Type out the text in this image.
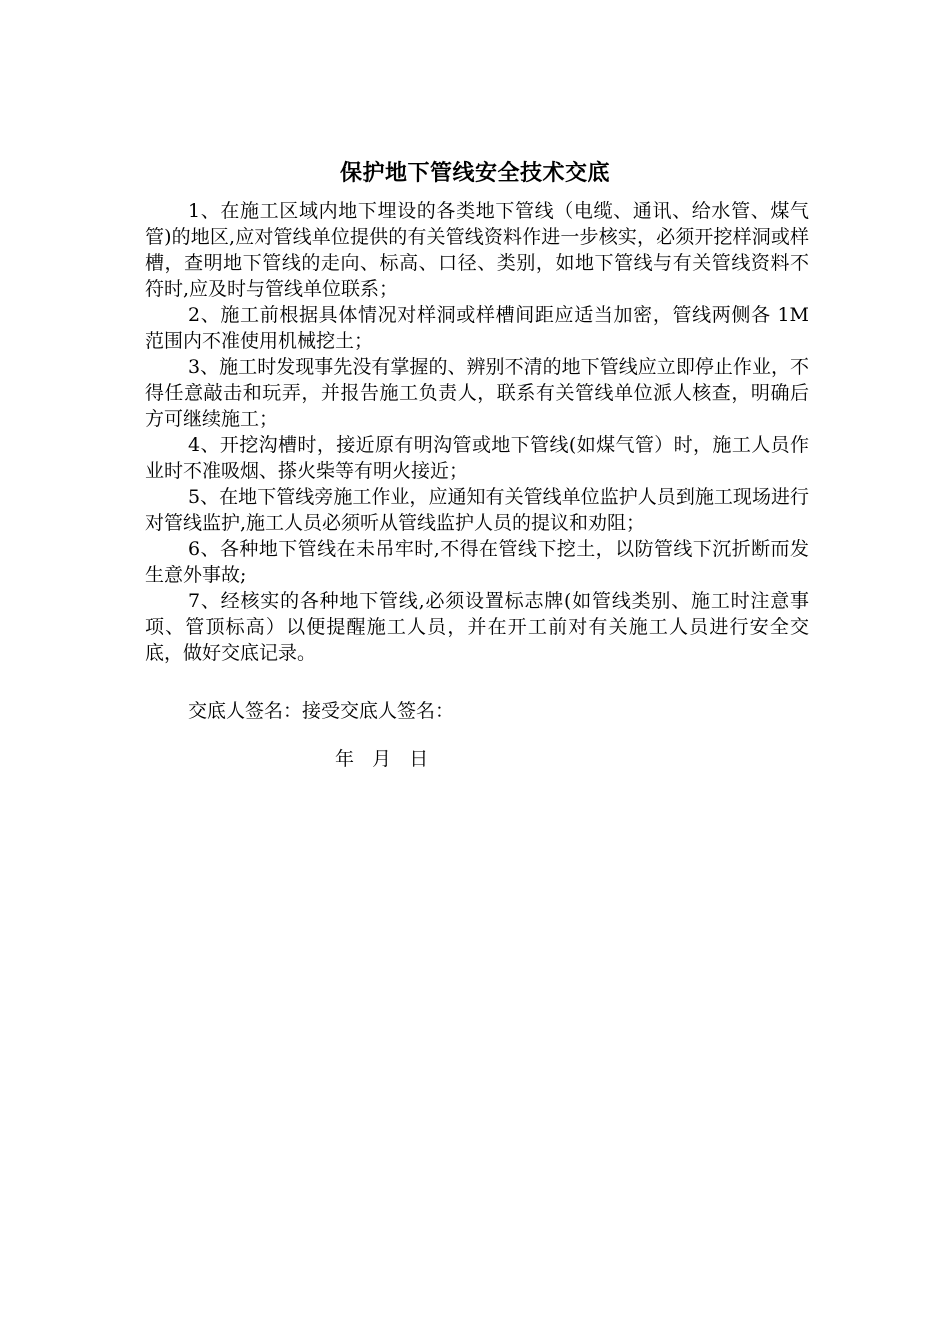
保护地下管线安全技术交底

1、在施工区域内地下埋设的各类地下管线（电缆、通讯、给水管、煤气管)的地区,应对管线单位提供的有关管线资料作进一步核实，必须开挖样洞或样槽，查明地下管线的走向、标高、口径、类别，如地下管线与有关管线资料不符时,应及时与管线单位联系；

2、施工前根据具体情况对样洞或样槽间距应适当加密，管线两侧各 1M 范围内不准使用机械挖土；

3、施工时发现事先没有掌握的、辨别不清的地下管线应立即停止作业，不得任意敲击和玩弄，并报告施工负责人，联系有关管线单位派人核查，明确后方可继续施工；

4、开挖沟槽时，接近原有明沟管或地下管线(如煤气管）时，施工人员作业时不准吸烟、搽火柴等有明火接近；

5、在地下管线旁施工作业，应通知有关管线单位监护人员到施工现场进行对管线监护,施工人员必须听从管线监护人员的提议和劝阻；

6、各种地下管线在未吊牢时,不得在管线下挖土，以防管线下沉折断而发生意外事故;

7、经核实的各种地下管线,必须设置标志牌(如管线类别、施工时注意事项、管顶标高）以便提醒施工人员，并在开工前对有关施工人员进行安全交底，做好交底记录。

交底人签名：接受交底人签名：
年   月   日
